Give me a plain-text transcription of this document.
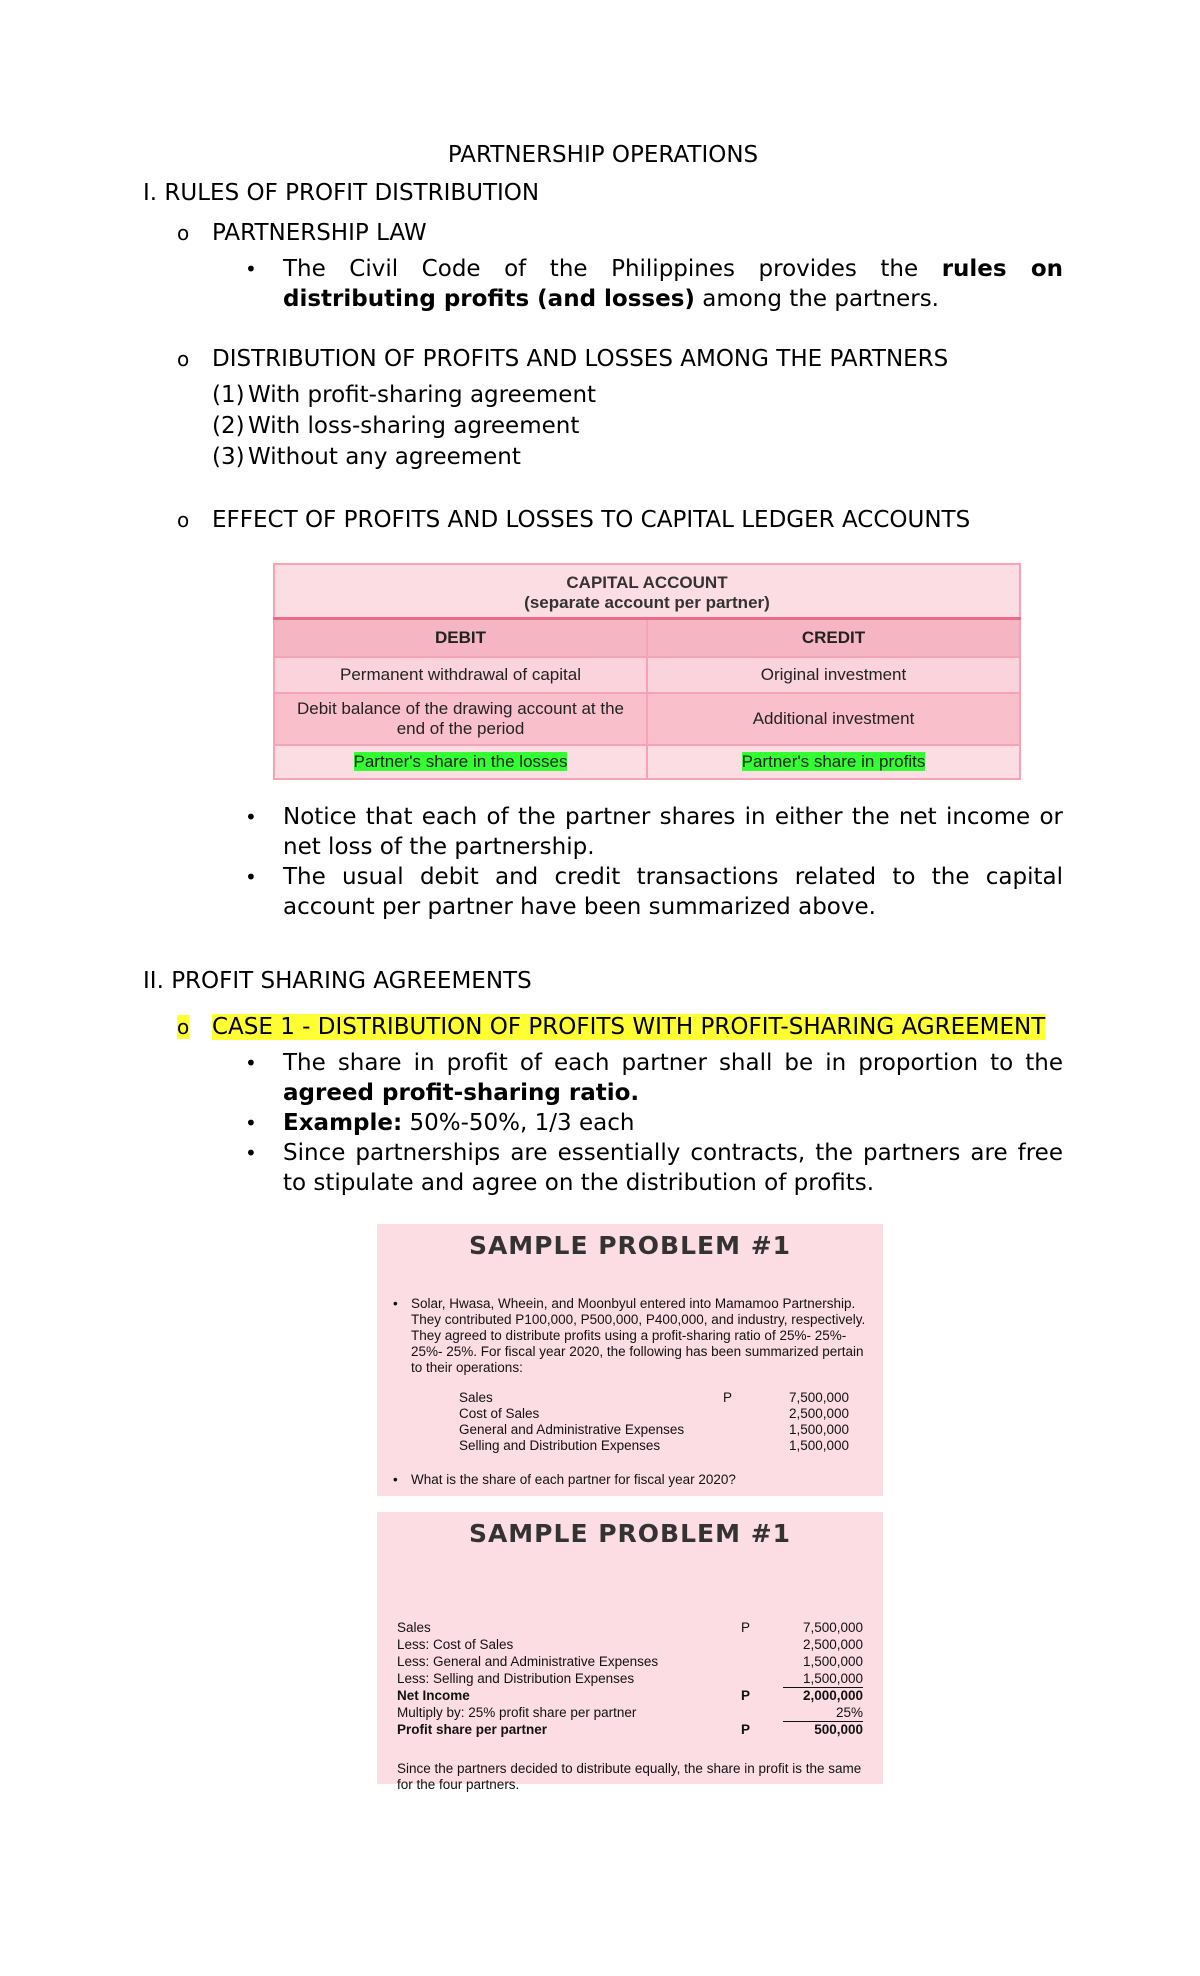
PARTNERSHIP OPERATIONS
I. RULES OF PROFIT DISTRIBUTION
o PARTNERSHIP LAW
• The Civil Code of the Philippines provides the rules on distributing profits (and losses) among the partners.
o DISTRIBUTION OF PROFITS AND LOSSES AMONG THE PARTNERS
(1) With profit-sharing agreement
(2) With loss-sharing agreement
(3) Without any agreement
o EFFECT OF PROFITS AND LOSSES TO CAPITAL LEDGER ACCOUNTS
CAPITAL ACCOUNT
(separate account per partner)	

DEBIT	CREDIT
Permanent withdrawal of capital	Original investment
Debit balance of the drawing account at the end of the period	Additional investment
Partner's share in the losses	Partner's share in profits
• Notice that each of the partner shares in either the net income or net loss of the partnership.
• The usual debit and credit transactions related to the capital account per partner have been summarized above.
II. PROFIT SHARING AGREEMENTS
o CASE 1 - DISTRIBUTION OF PROFITS WITH PROFIT-SHARING AGREEMENT
• The share in profit of each partner shall be in proportion to the agreed profit-sharing ratio.
• Example: 50%-50%, 1/3 each
• Since partnerships are essentially contracts, the partners are free to stipulate and agree on the distribution of profits.
SAMPLE PROBLEM #1
• Solar, Hwasa, Wheein, and Moonbyul entered into Mamamoo Partnership. They contributed P100,000, P500,000, P400,000, and industry, respectively. They agreed to distribute profits using a profit-sharing ratio of 25%- 25%- 25%- 25%. For fiscal year 2020, the following has been summarized pertain to their operations:
Sales	P	7,500,000
Cost of Sales	2,500,000
General and Administrative Expenses	1,500,000
Selling and Distribution Expenses	1,500,000
• What is the share of each partner for fiscal year 2020?
SAMPLE PROBLEM #1
Sales	P	7,500,000
Less: Cost of Sales	2,500,000
Less: General and Administrative Expenses	1,500,000
Less: Selling and Distribution Expenses	1,500,000
Net Income	P	2,000,000
Multiply by: 25% profit share per partner	25%
Profit share per partner	P	500,000
Since the partners decided to distribute equally, the share in profit is the same for the four partners.
